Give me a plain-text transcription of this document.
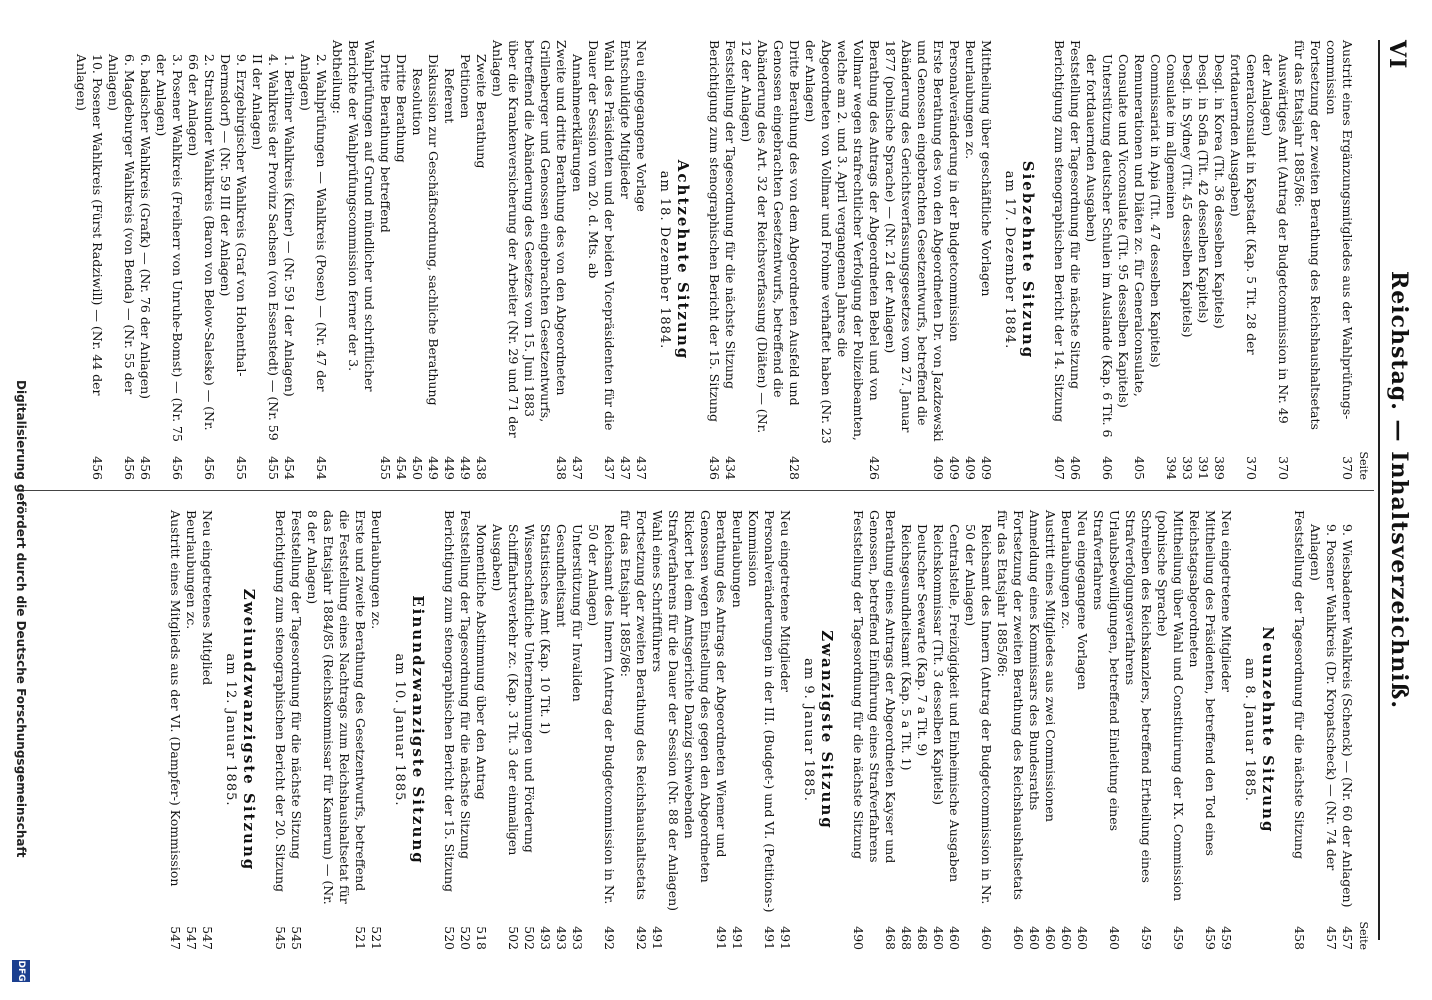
VI
Reichstag. — Inhaltsverzeichniß.
Seite
Austritt eines Ergänzungsmitgliedes aus der Wahlprüfungs-commission
370
Fortsetzung der zweiten Berathung des Reichshaushaltsetats für das Etatsjahr 1885/86:
Auswärtiges Amt (Antrag der Budgetcommission in Nr. 49 der Anlagen)
370
Generalconsulat in Kapstadt (Kap. 5 Tit. 28 der fortdauernden Ausgaben)
370
Desgl. in Korea (Tit. 36 desselben Kapitels)
389
Desgl. in Sofia (Tit. 42 desselben Kapitels)
391
Desgl. in Sydney (Tit. 45 desselben Kapitels)
393
Consulate im allgemeinen
394
Commissariat in Apia (Tit. 47 desselben Kapitels)
Remunerationen und Diäten zc. für Generalconsulate, Consulate und Vicconsulate (Tit. 95 desselben Kapitels)
405
Unterstützung deutscher Schulen im Auslande (Kap. 6 Tit. 6 der fortdauernden Ausgaben)
406
Feststellung der Tagesordnung für die nächste Sitzung
406
Berichtigung zum stenographischen Bericht der 14. Sitzung
407
Siebzehnte Sitzung
am 17. Dezember 1884.
Mittheilung über geschäftliche Vorlagen
409
Beurlaubungen zc.
409
Personalveränderung in der Budgetcommission
409
Erste Berathung des von den Abgeordneten Dr. von Jazdzewski und Genossen eingebrachten Gesetzentwurfs, betreffend die Abänderung des Gerichtsverfassungsgesetzes vom 27. Januar 1877 (polnische Sprache) — (Nr. 21 der Anlagen)
409
Berathung des Antrags der Abgeordneten Bebel und von Vollmar wegen strafrechtlicher Verfolgung der Polizeibeamten, welche am 2. und 3. April vergangenen Jahres die Abgeordneten von Vollmar und Frohme verhaftet haben (Nr. 23 der Anlagen)
426
Dritte Berathung des von dem Abgeordneten Ausfeld und Genossen eingebrachten Gesetzentwurfs, betreffend die Abänderung des Art. 32 der Reichsverfassung (Diäten) — (Nr. 12 der Anlagen)
428
Feststellung der Tagesordnung für die nächste Sitzung
434
Berichtigung zum stenographischen Bericht der 15. Sitzung
436
Achtzehnte Sitzung
am 18. Dezember 1884.
Neu eingegangene Vorlage
437
Entschuldigte Mitglieder
437
Wahl des Präsidenten und der beiden Vicepräsidenten für die Dauer der Session vom 20. d. Mts. ab
437
Annahmeerklärungen
437
Zweite und dritte Berathung des von den Abgeordneten Grillenberger und Genossen eingebrachten Gesetzentwurfs, betreffend die Abänderung des Gesetzes vom 15. Juni 1883 über die Krankenversicherung der Arbeiter (Nr. 29 und 71 der Anlagen)
438
Zweite Berathung
438
Petitionen
449
Referent
449
Diskussion zur Geschäftsordnung, sachliche Berathung
449
Resolution
450
Dritte Berathung
454
Dritte Berathung betreffend
455
Wahlprüfungen auf Grund mündlicher und schriftlicher Berichte der Wahlprüfungscommission ferner der 3. Abtheilung:
2. Wahlprüfungen — Wahlkreis (Posen) — (Nr. 47 der Anlagen)
454
1. Berliner Wahlkreis (Kiner) — (Nr. 59 I der Anlagen)
454
4. Wahlkreis der Provinz Sachsen (von Essenstedt) — (Nr. 59 II der Anlagen)
455
9. Erzgebirgischer Wahlkreis (Graf von Hohenthal-Dermsdorf) — (Nr. 59 III der Anlagen)
455
2. Stralsunder Wahlkreis (Baron von Below-Saleske) — (Nr. 66 der Anlagen)
456
3. Posener Wahlkreis (Freiherr von Unruhe-Bomst) — (Nr. 75 der Anlagen)
456
6. badischer Wahlkreis (Grafk) — (Nr. 76 der Anlagen)
456
6. Magdeburger Wahlkreis (von Benda) — (Nr. 55 der Anlagen)
456
10. Posener Wahlkreis (Fürst Radziwill) — (Nr. 44 der Anlagen)
456
Seite
9. Wiesbadener Wahlkreis (Schenck) — (Nr. 60 der Anlagen)
457
9. Posener Wahlkreis (Dr. Kropatscheck) — (Nr. 74 der Anlagen)
457
Feststellung der Tagesordnung für die nächste Sitzung
458
Neunzehnte Sitzung
am 8. Januar 1885.
Neu eingetretene Mitglieder
459
Mittheilung des Präsidenten, betreffend den Tod eines Reichstagsabgeordneten
459
Mittheilung über Wahl und Constituirung der IX. Commission (polnische Sprache)
459
Schreiben des Reichskanzlers, betreffend Ertheilung eines Strafverfolgungsverfahrens
459
Urlaubsbewilligungen, betreffend Einleitung eines Strafverfahrens
460
Neu eingegangene Vorlagen
460
Beurlaubungen zc.
460
Austritt eines Mitgliedes aus zwei Commissionen
460
Anmeldung eines Kommissars des Bundesraths
460
Fortsetzung der zweiten Berathung des Reichshaushaltsetats für das Etatsjahr 1885/86:
460
Reichsamt des Innern (Antrag der Budgetcommission in Nr. 50 der Anlagen)
460
Centralstelle, Freizügigkeit und Einheimische Ausgaben
460
Reichskommissar (Tit. 3 desselben Kapitels)
460
Deutscher Seewarte (Kap. 7 a Tit. 9)
468
Reichsgesundheitsamt (Kap. 5 a Tit. 1)
468
Berathung eines Antrags der Abgeordneten Kayser und Genossen, betreffend Einführung eines Strafverfahrens
468
Feststellung der Tagesordnung für die nächste Sitzung
490
Zwanzigste Sitzung
am 9. Januar 1885.
Neu eingetretene Mitglieder
491
Personalveränderungen in der III. (Budget-) und VI. (Petitions-) Kommission
491
Beurlaubungen
491
Berathung des Antrags der Abgeordneten Wiemer und Genossen wegen Einstellung des gegen den Abgeordneten Rickert bei dem Amtsgerichte Danzig schwebenden Strafverfahrens für die Dauer der Session (Nr. 88 der Anlagen)
491
Wahl eines Schriftführers
491
Fortsetzung der zweiten Berathung des Reichshaushaltsetats für das Etatsjahr 1885/86:
492
Reichsamt des Innern (Antrag der Budgetcommission in Nr. 50 der Anlagen)
492
Unterstützung für Invaliden
493
Gesundheitsamt
493
Statistisches Amt (Kap. 10 Tit. 1)
493
Wissenschaftliche Unternehmungen und Förderung
502
Schifffahrtsverkehr zc. (Kap. 3 Tit. 3 der einmaligen Ausgaben)
502
Momentliche Abstimmung über den Antrag
518
Feststellung der Tagesordnung für die nächste Sitzung
520
Berichtigung zum stenographischen Bericht der 15. Sitzung
520
Einundzwanzigste Sitzung
am 10. Januar 1885.
Beurlaubungen zc.
521
Erste und zweite Berathung des Gesetzentwurfs, betreffend die Feststellung eines Nachtrags zum Reichshaushaltsetat für das Etatsjahr 1884/85 (Reichskommissar für Kamerun) — (Nr. 8 der Anlagen)
521
Feststellung der Tagesordnung für die nächste Sitzung
545
Berichtigung zum stenographischen Bericht der 20. Sitzung
545
Zweiundzwanzigste Sitzung
am 12. Januar 1885.
Neu eingetretenes Mitglied
547
Beurlaubungen zc.
547
Austritt eines Mitglieds aus der VI. (Dampfer-) Kommission
547
Digitalisierung gefördert durch die Deutsche Forschungsgemeinschaft
DFG
